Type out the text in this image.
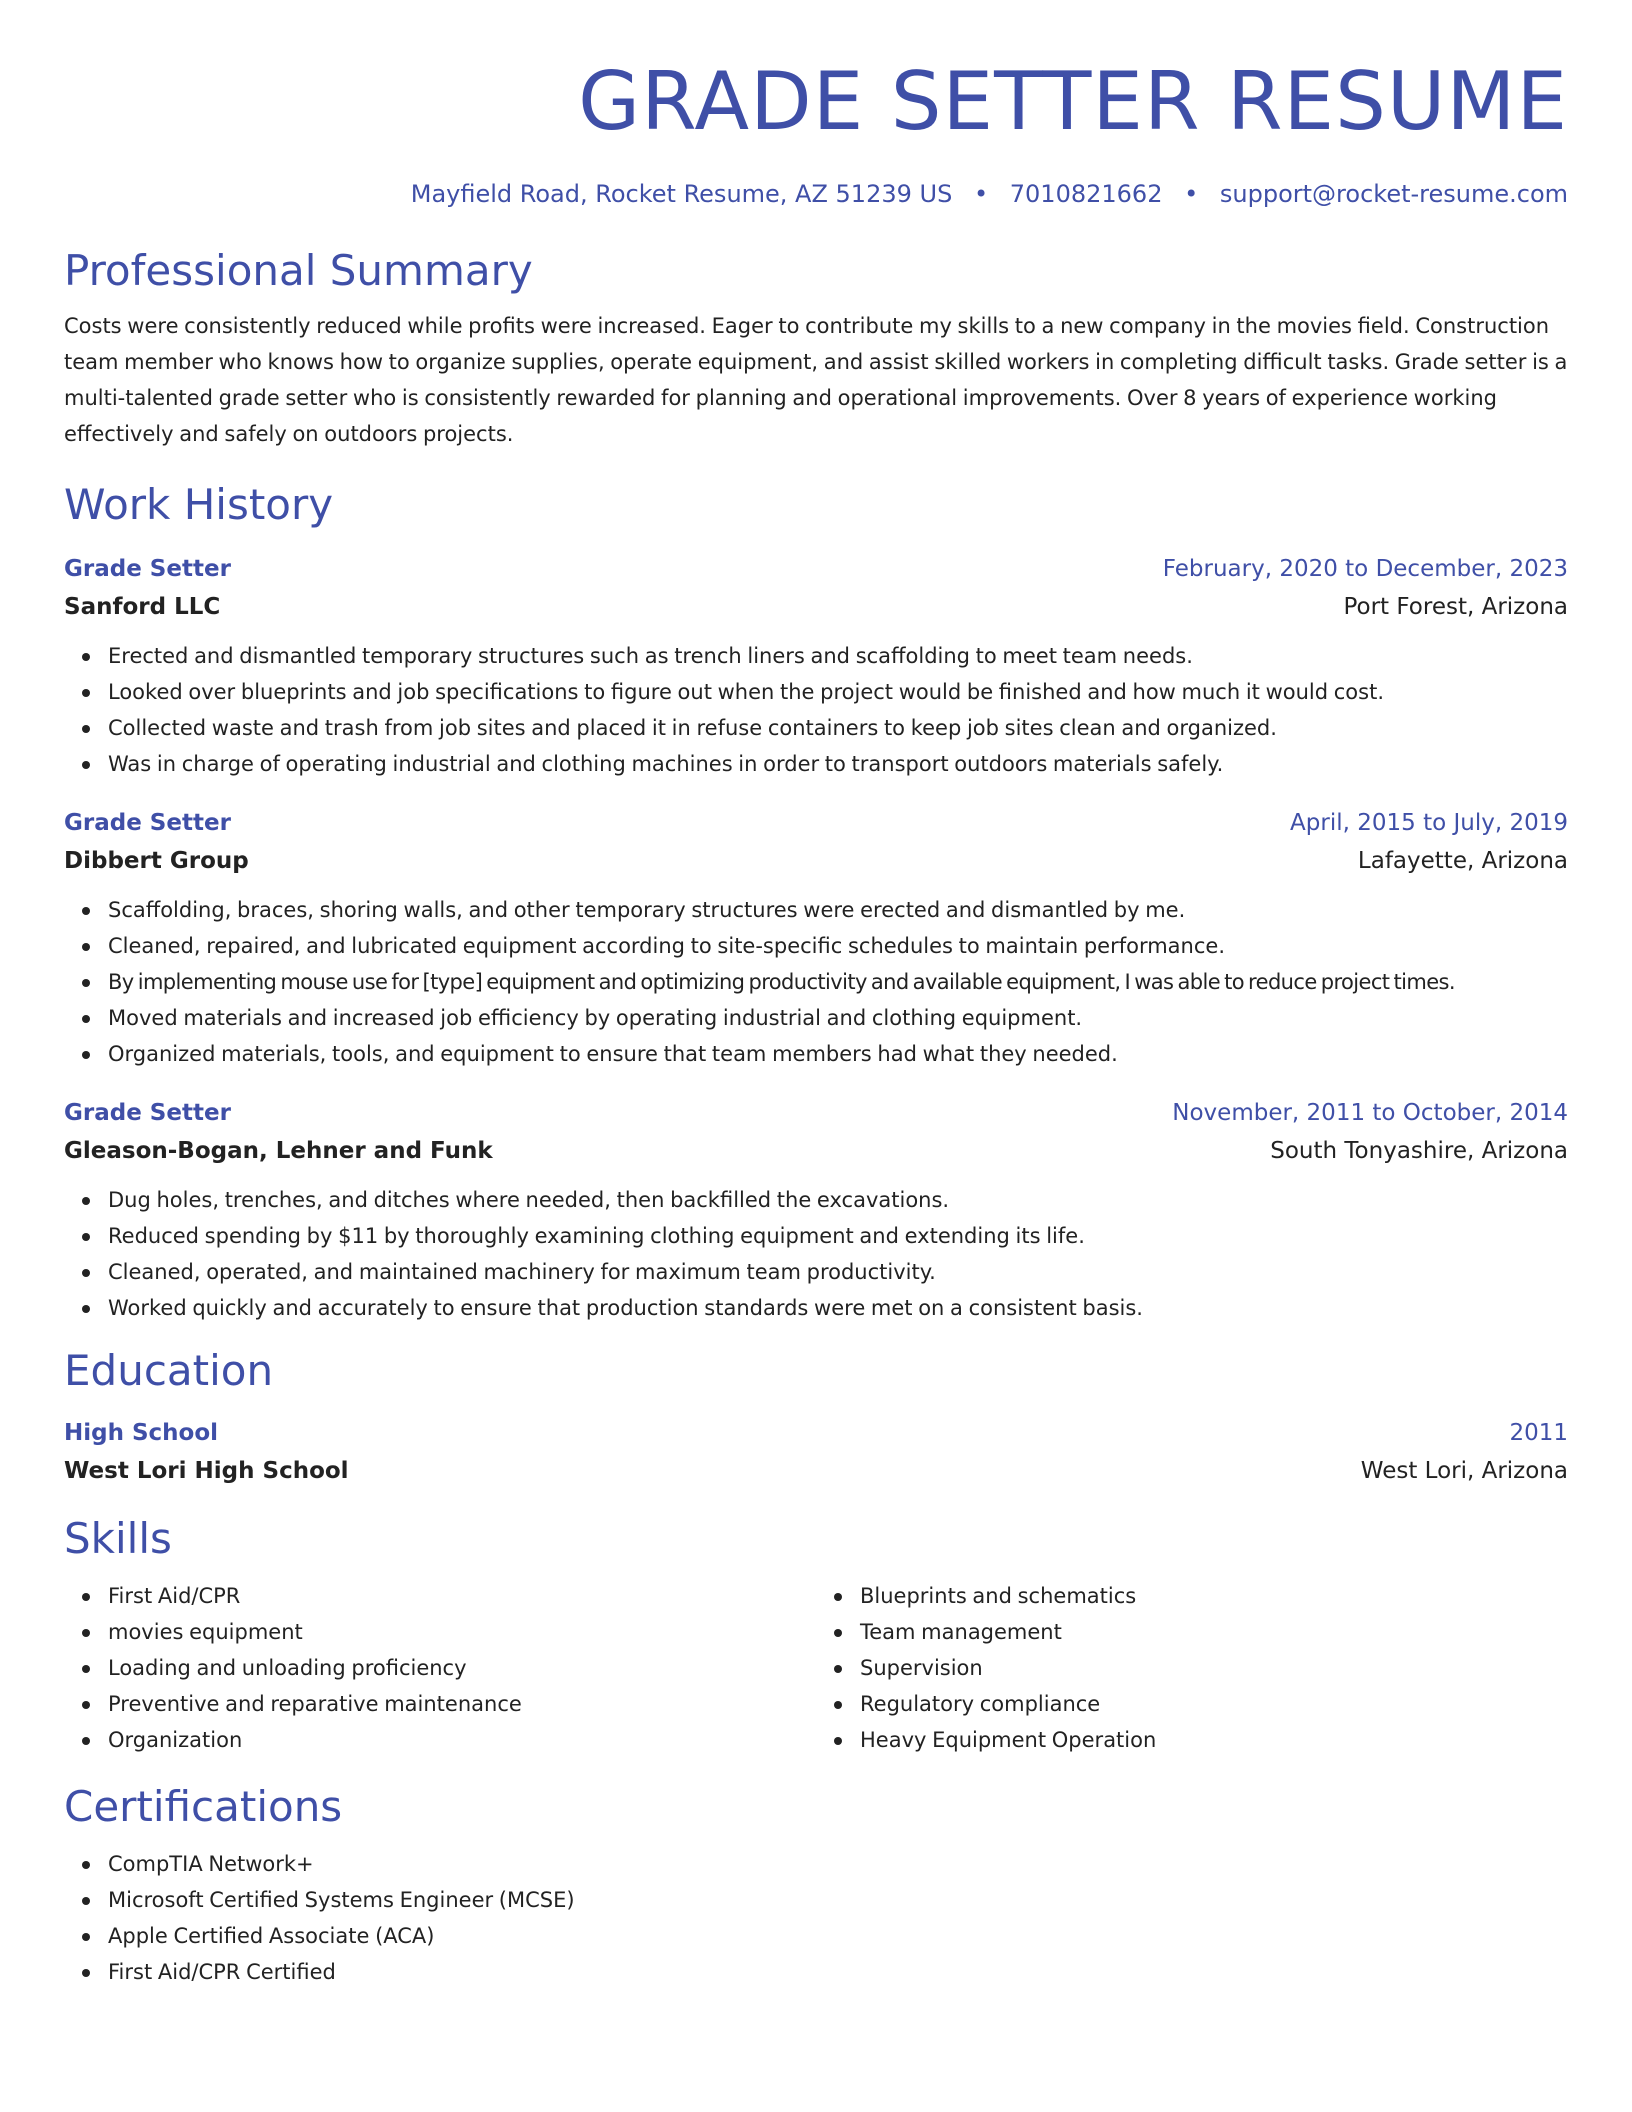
GRADE SETTER RESUME
Mayfield Road, Rocket Resume, AZ 51239 US • 7010821662 • support@rocket-resume.com
Professional Summary
Costs were consistently reduced while profits were increased. Eager to contribute my skills to a new company in the movies field. Construction team member who knows how to organize supplies, operate equipment, and assist skilled workers in completing difficult tasks. Grade setter is a multi-talented grade setter who is consistently rewarded for planning and operational improvements. Over 8 years of experience working effectively and safely on outdoors projects.
Work History
Grade Setter	February, 2020 to December, 2023
Sanford LLC	Port Forest, Arizona
Erected and dismantled temporary structures such as trench liners and scaffolding to meet team needs.
Looked over blueprints and job specifications to figure out when the project would be finished and how much it would cost.
Collected waste and trash from job sites and placed it in refuse containers to keep job sites clean and organized.
Was in charge of operating industrial and clothing machines in order to transport outdoors materials safely.
Grade Setter	April, 2015 to July, 2019
Dibbert Group	Lafayette, Arizona
Scaffolding, braces, shoring walls, and other temporary structures were erected and dismantled by me.
Cleaned, repaired, and lubricated equipment according to site-specific schedules to maintain performance.
By implementing mouse use for [type] equipment and optimizing productivity and available equipment, I was able to reduce project times.
Moved materials and increased job efficiency by operating industrial and clothing equipment.
Organized materials, tools, and equipment to ensure that team members had what they needed.
Grade Setter	November, 2011 to October, 2014
Gleason-Bogan, Lehner and Funk	South Tonyashire, Arizona
Dug holes, trenches, and ditches where needed, then backfilled the excavations.
Reduced spending by $11 by thoroughly examining clothing equipment and extending its life.
Cleaned, operated, and maintained machinery for maximum team productivity.
Worked quickly and accurately to ensure that production standards were met on a consistent basis.
Education
High School	2011
West Lori High School	West Lori, Arizona
Skills
First Aid/CPR
movies equipment
Loading and unloading proficiency
Preventive and reparative maintenance
Organization
Blueprints and schematics
Team management
Supervision
Regulatory compliance
Heavy Equipment Operation
Certifications
CompTIA Network+
Microsoft Certified Systems Engineer (MCSE)
Apple Certified Associate (ACA)
First Aid/CPR Certified
